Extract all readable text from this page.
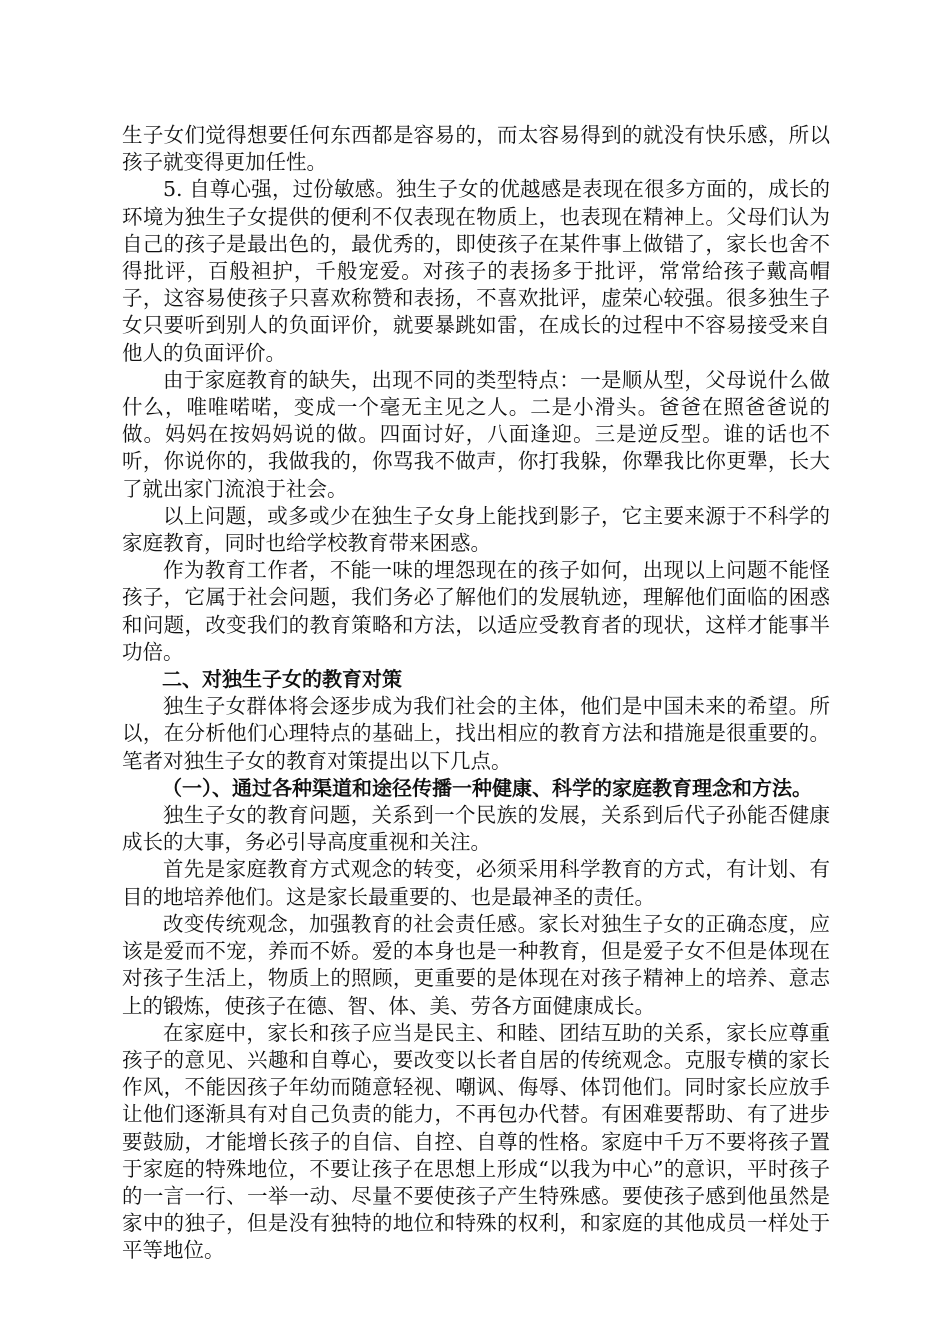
生子女们觉得想要任何东西都是容易的，而太容易得到的就没有快乐感，所以孩子就变得更加任性。

5. 自尊心强，过份敏感。独生子女的优越感是表现在很多方面的，成长的环境为独生子女提供的便利不仅表现在物质上，也表现在精神上。父母们认为自己的孩子是最出色的，最优秀的，即使孩子在某件事上做错了，家长也舍不得批评，百般袒护，千般宠爱。对孩子的表扬多于批评，常常给孩子戴高帽子，这容易使孩子只喜欢称赞和表扬，不喜欢批评，虚荣心较强。很多独生子女只要听到别人的负面评价，就要暴跳如雷，在成长的过程中不容易接受来自他人的负面评价。

由于家庭教育的缺失，出现不同的类型特点：一是顺从型，父母说什么做什么，唯唯喏喏，变成一个毫无主见之人。二是小滑头。爸爸在照爸爸说的做。妈妈在按妈妈说的做。四面讨好，八面逢迎。三是逆反型。谁的话也不听，你说你的，我做我的，你骂我不做声，你打我躲，你犟我比你更犟，长大了就出家门流浪于社会。

以上问题，或多或少在独生子女身上能找到影子，它主要来源于不科学的家庭教育，同时也给学校教育带来困惑。

作为教育工作者，不能一味的埋怨现在的孩子如何，出现以上问题不能怪孩子，它属于社会问题，我们务必了解他们的发展轨迹，理解他们面临的困惑和问题，改变我们的教育策略和方法，以适应受教育者的现状，这样才能事半功倍。

二、对独生子女的教育对策

独生子女群体将会逐步成为我们社会的主体，他们是中国未来的希望。所以，在分析他们心理特点的基础上，找出相应的教育方法和措施是很重要的。笔者对独生子女的教育对策提出以下几点。

（一）、通过各种渠道和途径传播一种健康、科学的家庭教育理念和方法。

独生子女的教育问题，关系到一个民族的发展，关系到后代子孙能否健康成长的大事，务必引导高度重视和关注。

首先是家庭教育方式观念的转变，必须采用科学教育的方式，有计划、有目的地培养他们。这是家长最重要的、也是最神圣的责任。

改变传统观念，加强教育的社会责任感。家长对独生子女的正确态度，应该是爱而不宠，养而不娇。爱的本身也是一种教育，但是爱子女不但是体现在对孩子生活上，物质上的照顾，更重要的是体现在对孩子精神上的培养、意志上的锻炼，使孩子在德、智、体、美、劳各方面健康成长。

在家庭中，家长和孩子应当是民主、和睦、团结互助的关系，家长应尊重孩子的意见、兴趣和自尊心，要改变以长者自居的传统观念。克服专横的家长作风，不能因孩子年幼而随意轻视、嘲讽、侮辱、体罚他们。同时家长应放手让他们逐渐具有对自己负责的能力，不再包办代替。有困难要帮助、有了进步要鼓励，才能增长孩子的自信、自控、自尊的性格。家庭中千万不要将孩子置于家庭的特殊地位，不要让孩子在思想上形成“以我为中心”的意识，平时孩子的一言一行、一举一动、尽量不要使孩子产生特殊感。要使孩子感到他虽然是家中的独子，但是没有独特的地位和特殊的权利，和家庭的其他成员一样处于平等地位。
